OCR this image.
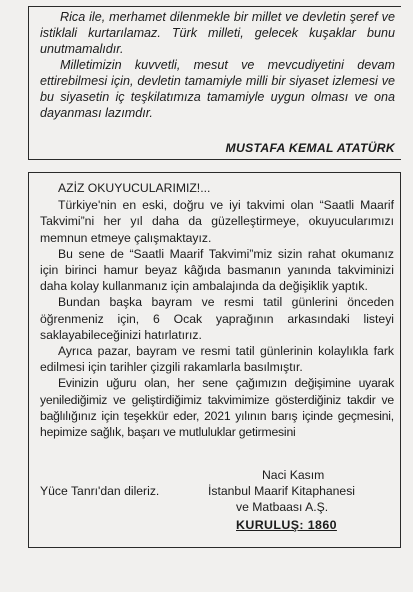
Rica ile, merhamet dilenmekle bir millet ve devletin şeref ve istiklali kurtarılamaz. Türk milleti, gelecek kuşaklar bunu unutmamalıdır.

Milletimizin kuvvetli, mesut ve mevcudiyetini devam ettirebilmesi için, devletin tamamiyle milli bir siyaset izlemesi ve bu siyasetin iç teşkilatımıza tamamiyle uygun olması ve ona dayanması lazımdır.

MUSTAFA KEMAL ATATÜRK

AZİZ OKUYUCULARIMIZ!...

Türkiye'nin en eski, doğru ve iyi takvimi olan “Saatli Maarif Takvimi”ni her yıl daha da güzelleştirmeye, okuyucularımızı memnun etmeye çalışmaktayız.

Bu sene de “Saatli Maarif Takvimi”miz sizin rahat okumanız için birinci hamur beyaz kâğıda basmanın yanında takviminizi daha kolay kullanmanız için ambalajında da değişiklik yaptık.

Bundan başka bayram ve resmi tatil günlerini önceden öğrenmeniz için, 6 Ocak yaprağının arkasındaki listeyi saklayabileceğinizi hatırlatırız.

Ayrıca pazar, bayram ve resmi tatil günlerinin kolaylıkla fark edilmesi için tarihler çizgili rakamlarla basılmıştır.

Evinizin uğuru olan, her sene çağımızın değişimine uyarak yenilediğimiz ve geliştirdiğimiz takvimimize gösterdiğiniz takdir ve bağlılığınız için teşekkür eder, 2021 yılının barış içinde geçmesini, hepimize sağlık, başarı ve mutluluklar getirmesini

Naci Kasım
Yüce Tanrı'dan dileriz.	İstanbul Maarif Kitaphanesi
ve Matbaası A.Ş.
KURULUŞ: 1860
